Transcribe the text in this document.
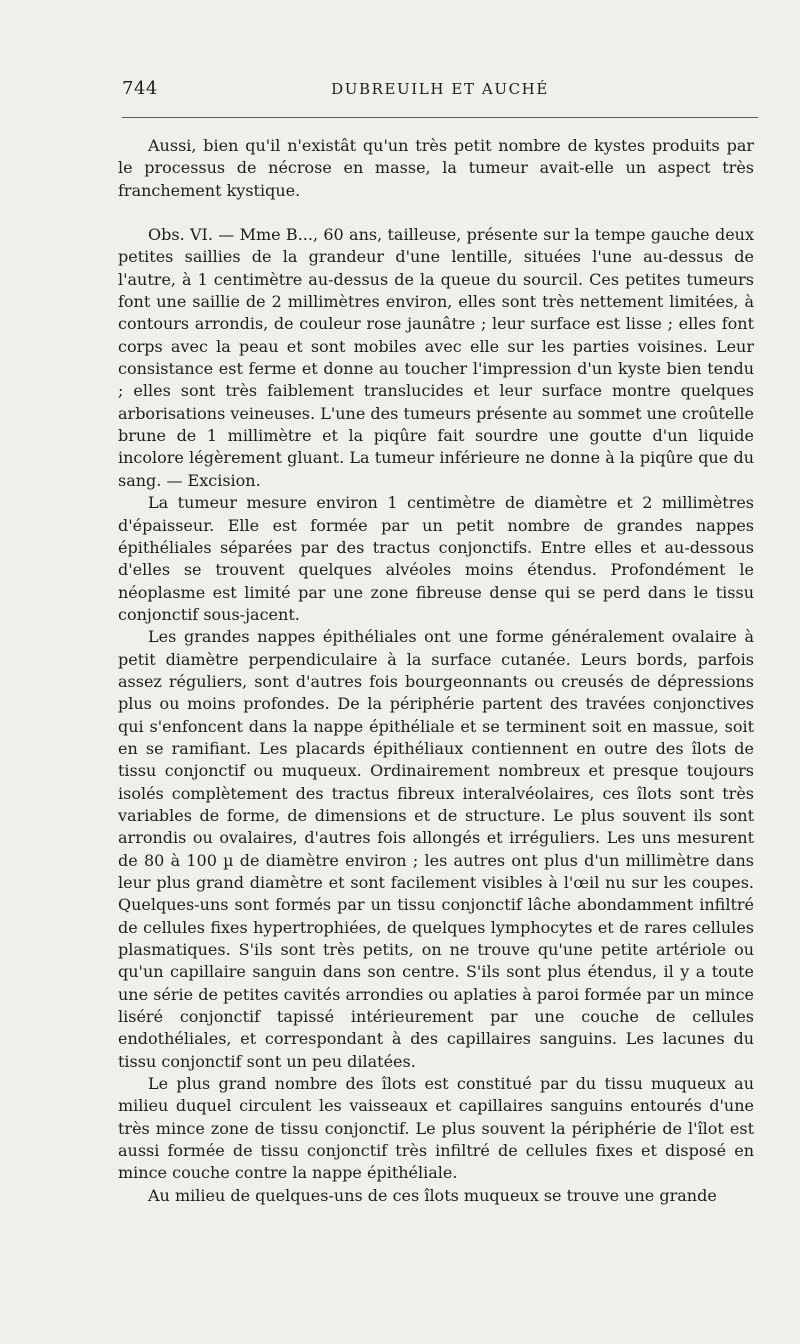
744	DUBREUILH ET AUCHÉ

Aussi, bien qu'il n'existât qu'un très petit nombre de kystes produits par le processus de nécrose en masse, la tumeur avait-elle un aspect très franchement kystique.

Obs. VI. — Mme B..., 60 ans, tailleuse, présente sur la tempe gauche deux petites saillies de la grandeur d'une lentille, situées l'une au-dessus de l'autre, à 1 centimètre au-dessus de la queue du sourcil. Ces petites tumeurs font une saillie de 2 millimètres environ, elles sont très nettement limitées, à contours arrondis, de couleur rose jaunâtre ; leur surface est lisse ; elles font corps avec la peau et sont mobiles avec elle sur les parties voisines. Leur consistance est ferme et donne au toucher l'impression d'un kyste bien tendu ; elles sont très faiblement translucides et leur surface montre quelques arborisations veineuses. L'une des tumeurs présente au sommet une croûtelle brune de 1 millimètre et la piqûre fait sourdre une goutte d'un liquide incolore légèrement gluant. La tumeur inférieure ne donne à la piqûre que du sang. — Excision.

La tumeur mesure environ 1 centimètre de diamètre et 2 millimètres d'épaisseur. Elle est formée par un petit nombre de grandes nappes épithéliales séparées par des tractus conjonctifs. Entre elles et au-dessous d'elles se trouvent quelques alvéoles moins étendus. Profondément le néoplasme est limité par une zone fibreuse dense qui se perd dans le tissu conjonctif sous-jacent.

Les grandes nappes épithéliales ont une forme généralement ovalaire à petit diamètre perpendiculaire à la surface cutanée. Leurs bords, parfois assez réguliers, sont d'autres fois bourgeonnants ou creusés de dépressions plus ou moins profondes. De la périphérie partent des travées conjonctives qui s'enfoncent dans la nappe épithéliale et se terminent soit en massue, soit en se ramifiant. Les placards épithéliaux contiennent en outre des îlots de tissu conjonctif ou muqueux. Ordinairement nombreux et presque toujours isolés complètement des tractus fibreux interalvéolaires, ces îlots sont très variables de forme, de dimensions et de structure. Le plus souvent ils sont arrondis ou ovalaires, d'autres fois allongés et irréguliers. Les uns mesurent de 80 à 100 µ de diamètre environ ; les autres ont plus d'un millimètre dans leur plus grand diamètre et sont facilement visibles à l'œil nu sur les coupes. Quelques-uns sont formés par un tissu conjonctif lâche abondamment infiltré de cellules fixes hypertrophiées, de quelques lymphocytes et de rares cellules plasmatiques. S'ils sont très petits, on ne trouve qu'une petite artériole ou qu'un capillaire sanguin dans son centre. S'ils sont plus étendus, il y a toute une série de petites cavités arrondies ou aplaties à paroi formée par un mince liséré conjonctif tapissé intérieurement par une couche de cellules endothéliales, et correspondant à des capillaires sanguins. Les lacunes du tissu conjonctif sont un peu dilatées.

Le plus grand nombre des îlots est constitué par du tissu muqueux au milieu duquel circulent les vaisseaux et capillaires sanguins entourés d'une très mince zone de tissu conjonctif. Le plus souvent la périphérie de l'îlot est aussi formée de tissu conjonctif très infiltré de cellules fixes et disposé en mince couche contre la nappe épithéliale.

Au milieu de quelques-uns de ces îlots muqueux se trouve une grande
